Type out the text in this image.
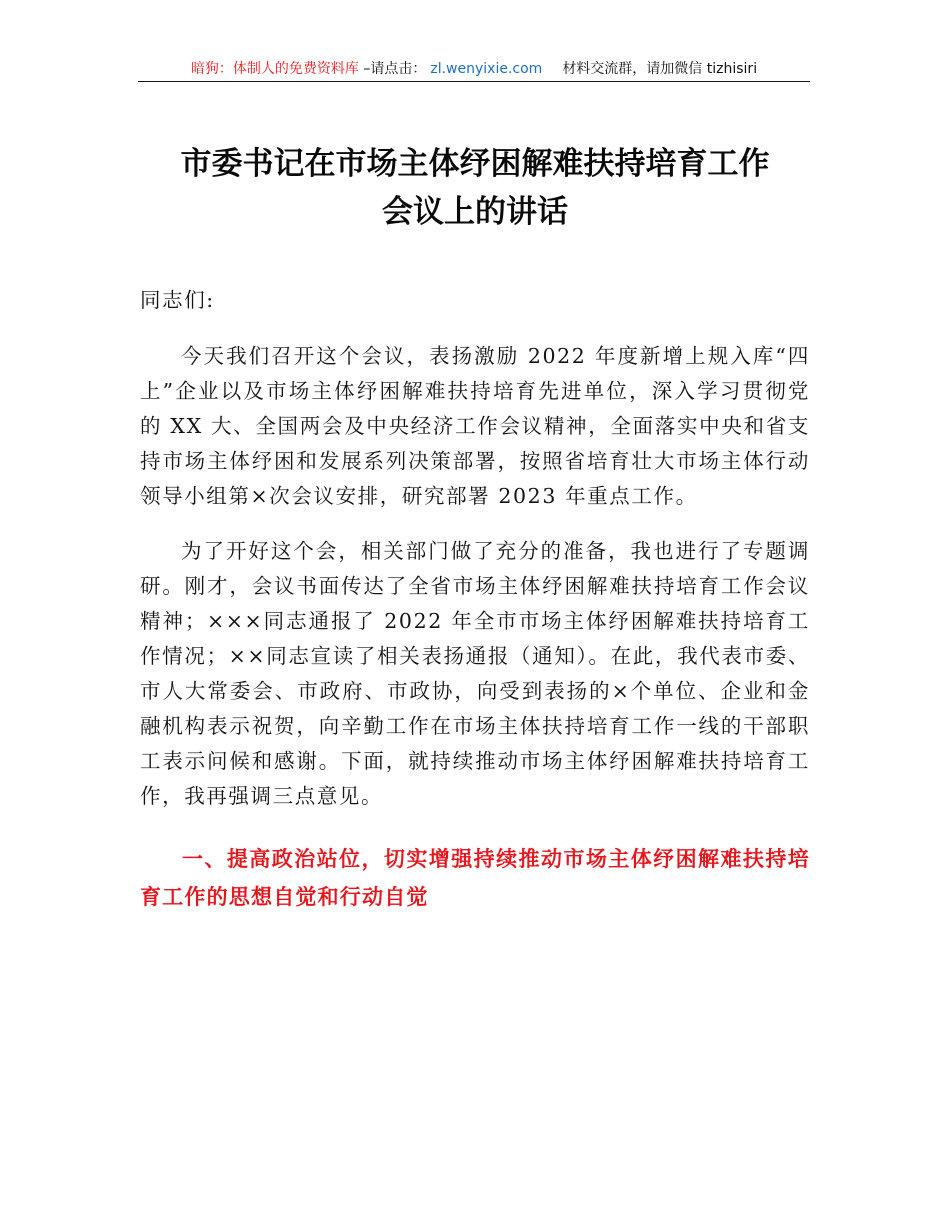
暗狗：体制人的免费资料库 –请点击： zl.wenyixie.com 材料交流群，请加微信 tizhisiri
市委书记在市场主体纾困解难扶持培育工作
会议上的讲话

同志们:

今天我们召开这个会议，表扬激励 2022 年度新增上规入库“四上”企业以及市场主体纾困解难扶持培育先进单位，深入学习贯彻党的 XX 大、全国两会及中央经济工作会议精神，全面落实中央和省支持市场主体纾困和发展系列决策部署，按照省培育壮大市场主体行动领导小组第×次会议安排，研究部署 2023 年重点工作。

为了开好这个会，相关部门做了充分的准备，我也进行了专题调研。刚才，会议书面传达了全省市场主体纾困解难扶持培育工作会议精神；×××同志通报了 2022 年全市市场主体纾困解难扶持培育工作情况；××同志宣读了相关表扬通报（通知）。在此，我代表市委、市人大常委会、市政府、市政协，向受到表扬的×个单位、企业和金融机构表示祝贺，向辛勤工作在市场主体扶持培育工作一线的干部职工表示问候和感谢。下面，就持续推动市场主体纾困解难扶持培育工作，我再强调三点意见。

一、提高政治站位，切实增强持续推动市场主体纾困解难扶持培育工作的思想自觉和行动自觉
